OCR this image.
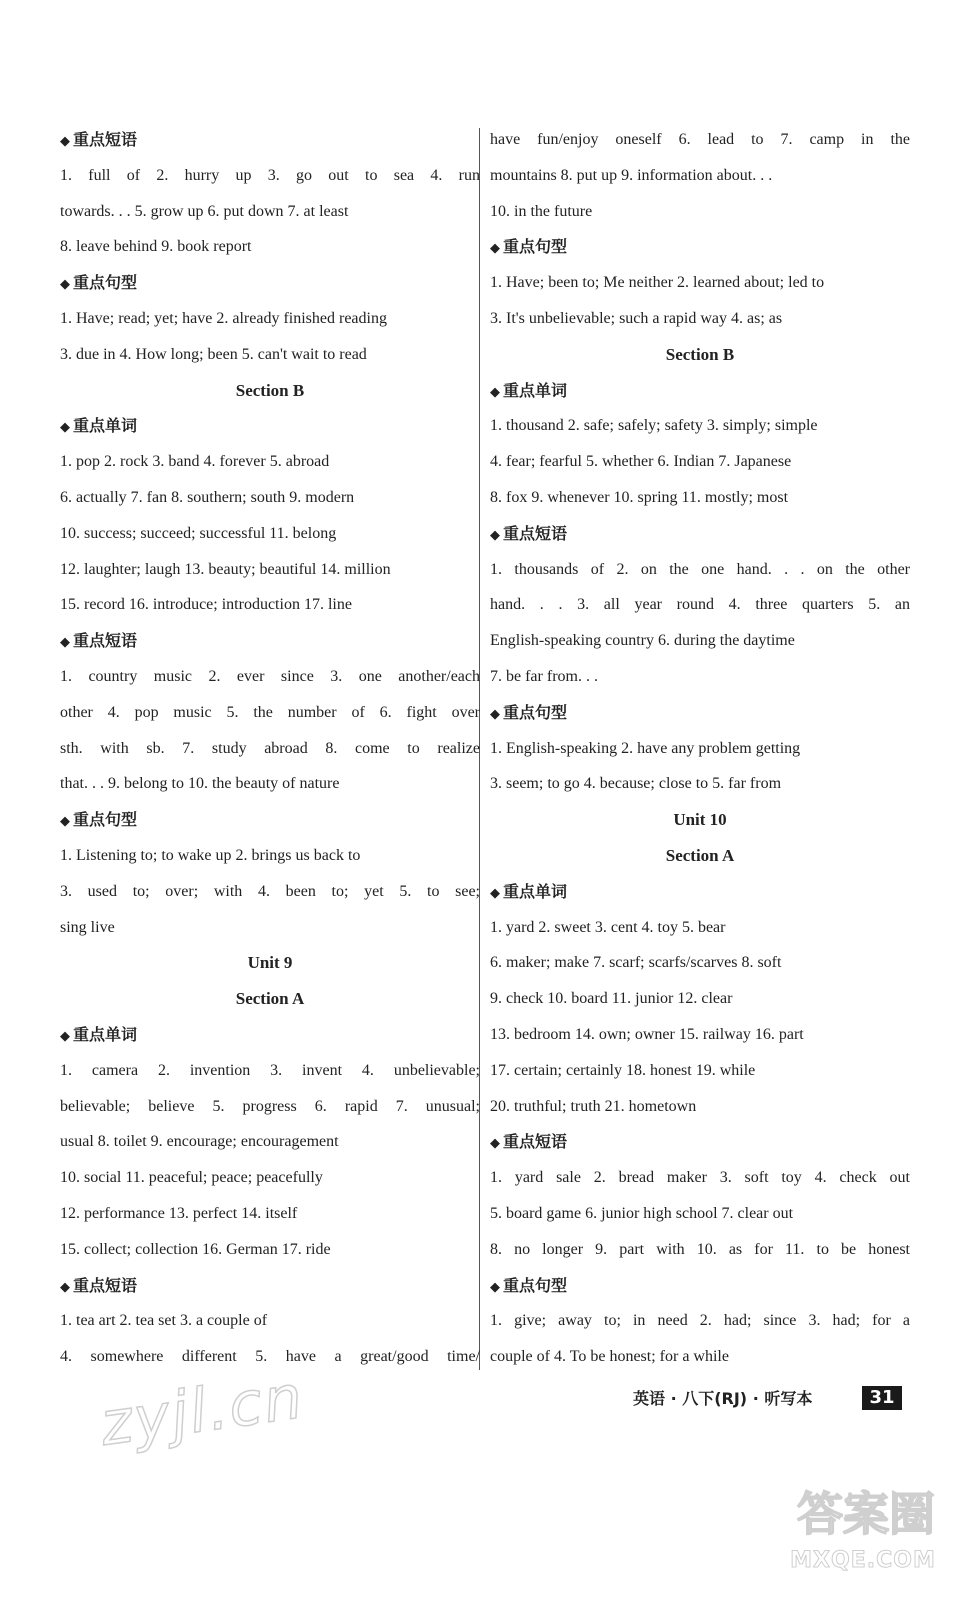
◆ 重点短语
1. full of 2. hurry up 3. go out to sea 4. run
towards. . . 5. grow up 6. put down 7. at least
8. leave behind 9. book report
◆ 重点句型
1. Have; read; yet; have 2. already finished reading
3. due in 4. How long; been 5. can't wait to read
Section B
◆ 重点单词
1. pop 2. rock 3. band 4. forever 5. abroad
6. actually 7. fan 8. southern; south 9. modern
10. success; succeed; successful 11. belong
12. laughter; laugh 13. beauty; beautiful 14. million
15. record 16. introduce; introduction 17. line
◆ 重点短语
1. country music 2. ever since 3. one another/each
other 4. pop music 5. the number of 6. fight over
sth. with sb. 7. study abroad 8. come to realize
that. . . 9. belong to 10. the beauty of nature
◆ 重点句型
1. Listening to; to wake up 2. brings us back to
3. used to; over; with 4. been to; yet 5. to see;
sing live
Unit 9
Section A
◆ 重点单词
1. camera 2. invention 3. invent 4. unbelievable;
believable; believe 5. progress 6. rapid 7. unusual;
usual 8. toilet 9. encourage; encouragement
10. social 11. peaceful; peace; peacefully
12. performance 13. perfect 14. itself
15. collect; collection 16. German 17. ride
◆ 重点短语
1. tea art 2. tea set 3. a couple of
4. somewhere different 5. have a great/good time/
have fun/enjoy oneself 6. lead to 7. camp in the
mountains 8. put up 9. information about. . .
10. in the future
◆ 重点句型
1. Have; been to; Me neither 2. learned about; led to
3. It's unbelievable; such a rapid way 4. as; as
Section B
◆ 重点单词
1. thousand 2. safe; safely; safety 3. simply; simple
4. fear; fearful 5. whether 6. Indian 7. Japanese
8. fox 9. whenever 10. spring 11. mostly; most
◆ 重点短语
1. thousands of 2. on the one hand. . . on the other
hand. . . 3. all year round 4. three quarters 5. an
English-speaking country 6. during the daytime
7. be far from. . .
◆ 重点句型
1. English-speaking 2. have any problem getting
3. seem; to go 4. because; close to 5. far from
Unit 10
Section A
◆ 重点单词
1. yard 2. sweet 3. cent 4. toy 5. bear
6. maker; make 7. scarf; scarfs/scarves 8. soft
9. check 10. board 11. junior 12. clear
13. bedroom 14. own; owner 15. railway 16. part
17. certain; certainly 18. honest 19. while
20. truthful; truth 21. hometown
◆ 重点短语
1. yard sale 2. bread maker 3. soft toy 4. check out
5. board game 6. junior high school 7. clear out
8. no longer 9. part with 10. as for 11. to be honest
◆ 重点句型
1. give; away to; in need 2. had; since 3. had; for a
couple of 4. To be honest; for a while
英语 · 八下(RJ) · 听写本	31
zyjl.cn
答案圈
MXQE.COM
